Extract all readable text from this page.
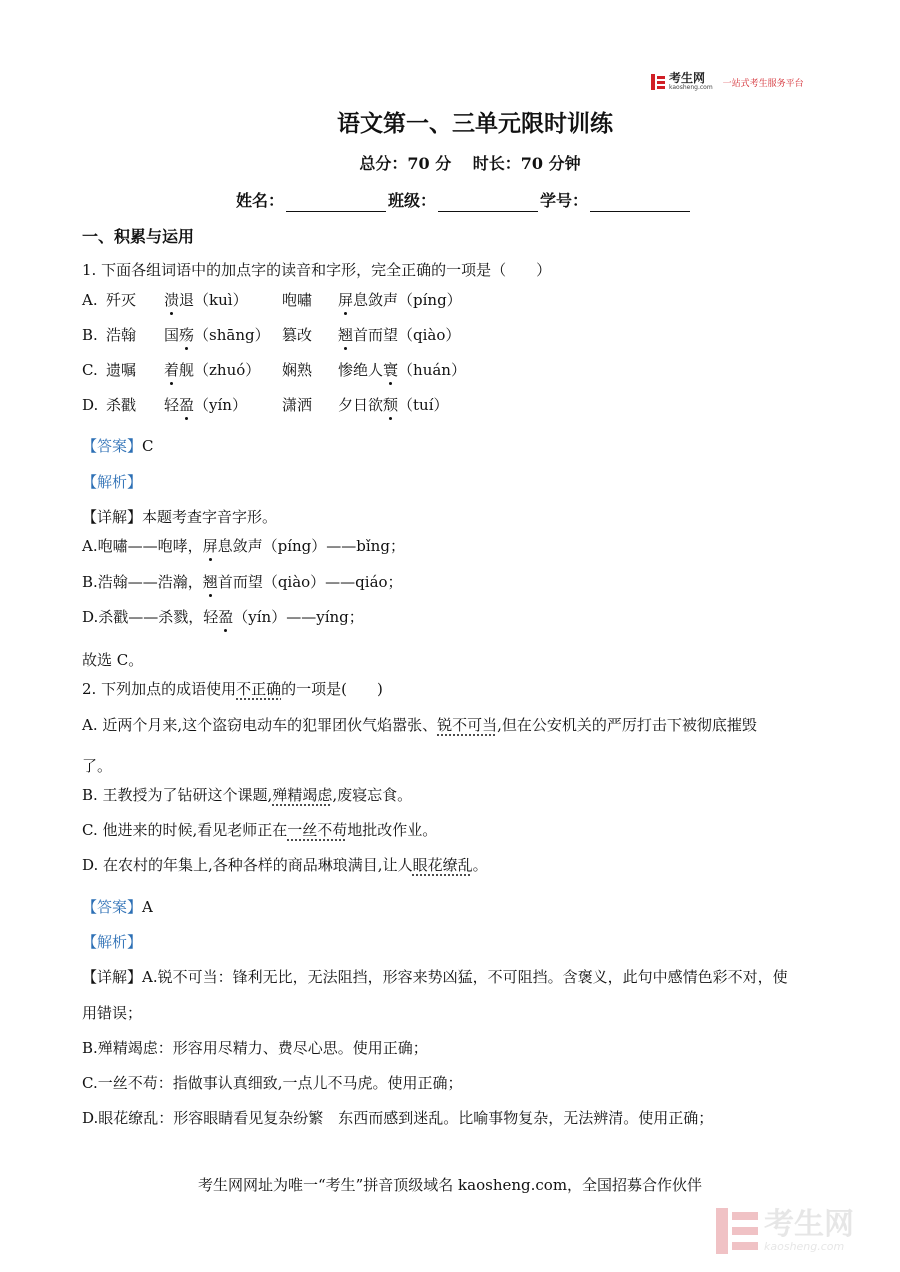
考生网
kaosheng.com 一站式考生服务平台
语文第一、三单元限时训练
总分：70 分　 时长：70 分钟
姓名：	班级：	学号：
一、积累与运用
1. 下面各组词语中的加点字的读音和字形，完全正确的一项是（　　）
A. 歼灭 溃退（kuì） 咆嘯 屏息敛声（píng）
B. 浩翰 国殇（shāng） 篡改 翘首而望（qiào）
C. 遗嘱 着舰（zhuó） 娴熟 惨绝人寰（huán）
D. 杀戳 轻盈（yín） 潇洒 夕日欲颓（tuí）
【答案】C
【解析】
【详解】本题考查字音字形。
A.咆嘯——咆哮，屏息敛声（píng）——bǐng；
B.浩翰——浩瀚，翘首而望（qiào）——qiáo；
D.杀戳——杀戮，轻盈（yín）——yíng；
故选 C。
2. 下列加点的成语使用不正确的一项是(　　)
A. 近两个月来,这个盗窃电动车的犯罪团伙气焰嚣张、锐不可当,但在公安机关的严厉打击下被彻底摧毁
了。
B. 王教授为了钻研这个课题,殚精竭虑,废寝忘食。
C. 他进来的时候,看见老师正在一丝不苟地批改作业。
D. 在农村的年集上,各种各样的商品琳琅满目,让人眼花缭乱。
【答案】A
【解析】
【详解】A.锐不可当：锋利无比，无法阻挡，形容来势凶猛，不可阻挡。含褒义，此句中感情色彩不对，使
用错误；
B.殚精竭虑：形容用尽精力、费尽心思。使用正确；
C.一丝不苟：指做事认真细致,一点儿不马虎。使用正确；
D.眼花缭乱：形容眼睛看见复杂纷繁　东西而感到迷乱。比喻事物复杂，无法辨清。使用正确；
考生网网址为唯一“考生”拼音顶级域名 kaosheng.com，全国招募合作伙伴
考生网
kaosheng.com
